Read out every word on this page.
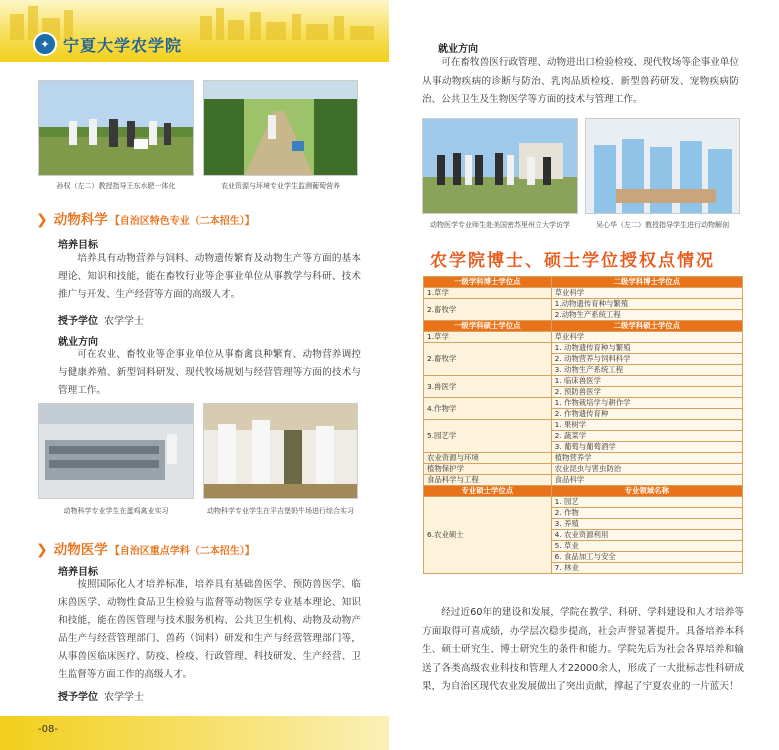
✦ 宁夏大学农学院
孙权（左二）教授指导王东水肥一体化	农业资源与环境专业学生监测葡萄营养
❯ 动物科学 【自治区特色专业（二本招生）】
培养目标
培养具有动物营养与饲料、动物遗传繁育及动物生产等方面的基本理论、知识和技能，能在畜牧行业等企事业单位从事教学与科研、技术推广与开发、生产经营等方面的高级人才。
授予学位 农学学士
就业方向
可在农业、畜牧业等企事业单位从事畜禽良种繁育、动物营养调控与健康养殖、新型饲料研发、现代牧场规划与经营管理等方面的技术与管理工作。
动物科学专业学生在蛋鸡禽业实习	动物科学专业学生在平吉堡奶牛场进行综合实习
❯ 动物医学 【自治区重点学科（二本招生）】
培养目标
按照国际化人才培养标准，培养具有基础兽医学、预防兽医学、临床兽医学、动物性食品卫生检验与监督等动物医学专业基本理论、知识和技能，能在兽医管理与技术服务机构、公共卫生机构、动物及动物产品生产与经营管理部门、兽药（饲料）研发和生产与经营管理部门等，从事兽医临床医疗、防疫、检疫、行政管理、科技研发、生产经营、卫生监督等方面工作的高级人才。
授予学位 农学学士
-08-
就业方向
可在畜牧兽医行政管理、动物进出口检验检疫、现代牧场等企事业单位从事动物疾病的诊断与防治、乳肉品质检疫、新型兽药研发、宠物疾病防治、公共卫生及生物医学等方面的技术与管理工作。
动物医学专业师生赴美国密苏里州立大学访学	吴心华（左二）教授指导学生进行动物解剖
农学院博士、硕士学位授权点情况
一级学科博士学位点	二级学科博士学位点
1.草学	草业科学
2.畜牧学	1.动物遗传育种与繁殖
	2.动物生产系统工程
一级学科硕士学位点	二级学科硕士学位点
1.草学	草业科学
2.畜牧学	1. 动物遗传育种与繁殖
	2. 动物营养与饲料科学
	3. 动物生产系统工程
3.兽医学	1. 临床兽医学
	2. 预防兽医学
4.作物学	1. 作物栽培学与耕作学
	2. 作物遗传育种
5.园艺学	1. 果树学
	2. 蔬菜学
	3. 葡萄与葡萄酒学
农业资源与环境	植物营养学
植物保护学	农业昆虫与害虫防治
食品科学与工程	食品科学
专业硕士学位点	专业领域名称
6.农业硕士	1. 园艺
	2. 作物
	3. 养殖
	4. 农业资源利用
	5. 草业
	6. 食品加工与安全
	7. 林业
经过近60年的建设和发展，学院在教学、科研、学科建设和人才培养等方面取得可喜成绩，办学层次稳步提高，社会声誉显著提升。具备培养本科生、硕士研究生、博士研究生的条件和能力。学院先后为社会各界培养和输送了各类高级农业科技和管理人才22000余人，形成了一大批标志性科研成果，为自治区现代农业发展做出了突出贡献，撑起了宁夏农业的一片蓝天！
